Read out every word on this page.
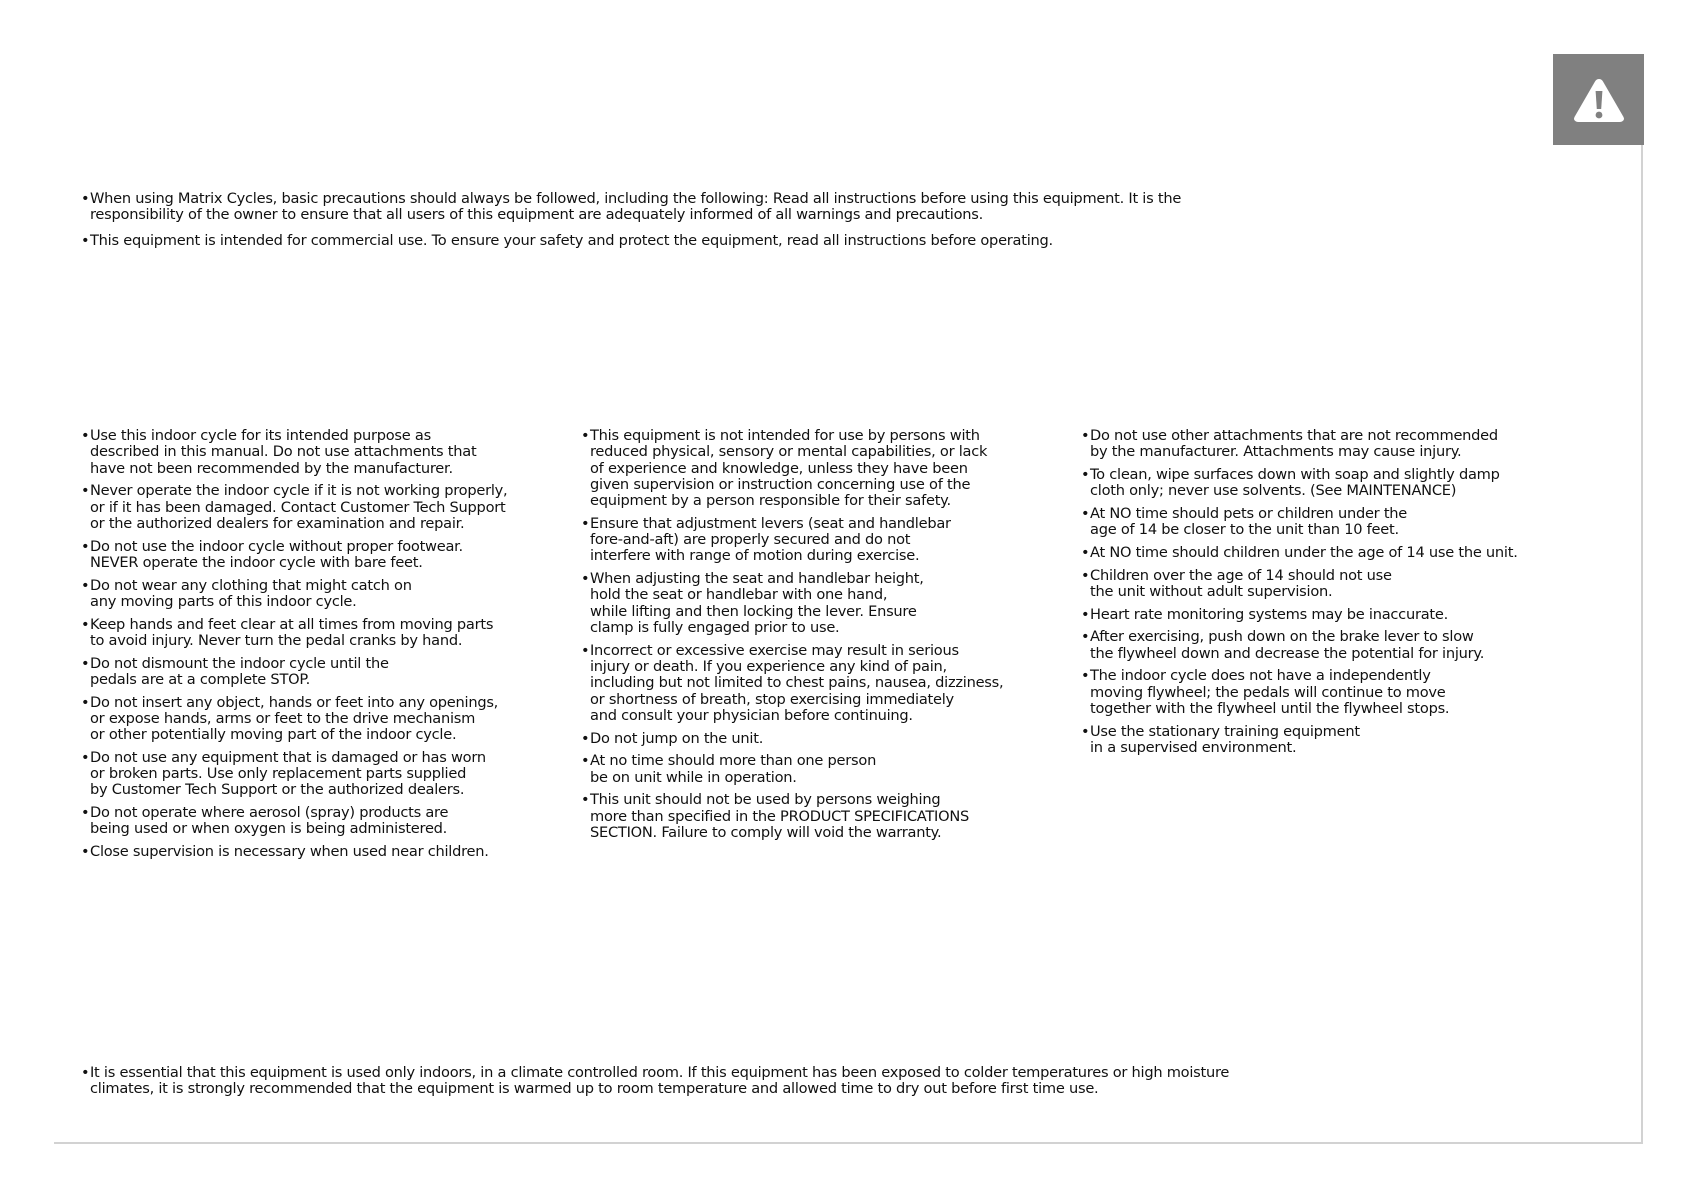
• When using Matrix Cycles, basic precautions should always be followed, including the following: Read all instructions before using this equipment. It is the responsibility of the owner to ensure that all users of this equipment are adequately informed of all warnings and precautions.
• This equipment is intended for commercial use. To ensure your safety and protect the equipment, read all instructions before operating.
• Use this indoor cycle for its intended purpose as
described in this manual. Do not use attachments that
have not been recommended by the manufacturer.
• Never operate the indoor cycle if it is not working properly,
or if it has been damaged. Contact Customer Tech Support
or the authorized dealers for examination and repair.
• Do not use the indoor cycle without proper footwear.
NEVER operate the indoor cycle with bare feet.
• Do not wear any clothing that might catch on
any moving parts of this indoor cycle.
• Keep hands and feet clear at all times from moving parts
to avoid injury. Never turn the pedal cranks by hand.
• Do not dismount the indoor cycle until the
pedals are at a complete STOP.
• Do not insert any object, hands or feet into any openings,
or expose hands, arms or feet to the drive mechanism
or other potentially moving part of the indoor cycle.
• Do not use any equipment that is damaged or has worn
or broken parts. Use only replacement parts supplied
by Customer Tech Support or the authorized dealers.
• Do not operate where aerosol (spray) products are
being used or when oxygen is being administered.
• Close supervision is necessary when used near children.
• This equipment is not intended for use by persons with
reduced physical, sensory or mental capabilities, or lack
of experience and knowledge, unless they have been
given supervision or instruction concerning use of the
equipment by a person responsible for their safety.
• Ensure that adjustment levers (seat and handlebar
fore-and-aft) are properly secured and do not
interfere with range of motion during exercise.
• When adjusting the seat and handlebar height,
hold the seat or handlebar with one hand,
while lifting and then locking the lever. Ensure
clamp is fully engaged prior to use.
• Incorrect or excessive exercise may result in serious
injury or death. If you experience any kind of pain,
including but not limited to chest pains, nausea, dizziness,
or shortness of breath, stop exercising immediately
and consult your physician before continuing.
• Do not jump on the unit.
• At no time should more than one person
be on unit while in operation.
• This unit should not be used by persons weighing
more than specified in the PRODUCT SPECIFICATIONS
SECTION. Failure to comply will void the warranty.
• Do not use other attachments that are not recommended
by the manufacturer. Attachments may cause injury.
• To clean, wipe surfaces down with soap and slightly damp
cloth only; never use solvents. (See MAINTENANCE)
• At NO time should pets or children under the
age of 14 be closer to the unit than 10 feet.
• At NO time should children under the age of 14 use the unit.
• Children over the age of 14 should not use
the unit without adult supervision.
• Heart rate monitoring systems may be inaccurate.
• After exercising, push down on the brake lever to slow
the flywheel down and decrease the potential for injury.
• The indoor cycle does not have a independently
moving flywheel; the pedals will continue to move
together with the flywheel until the flywheel stops.
• Use the stationary training equipment
in a supervised environment.
• It is essential that this equipment is used only indoors, in a climate controlled room. If this equipment has been exposed to colder temperatures or high moisture climates, it is strongly recommended that the equipment is warmed up to room temperature and allowed time to dry out before first time use.
